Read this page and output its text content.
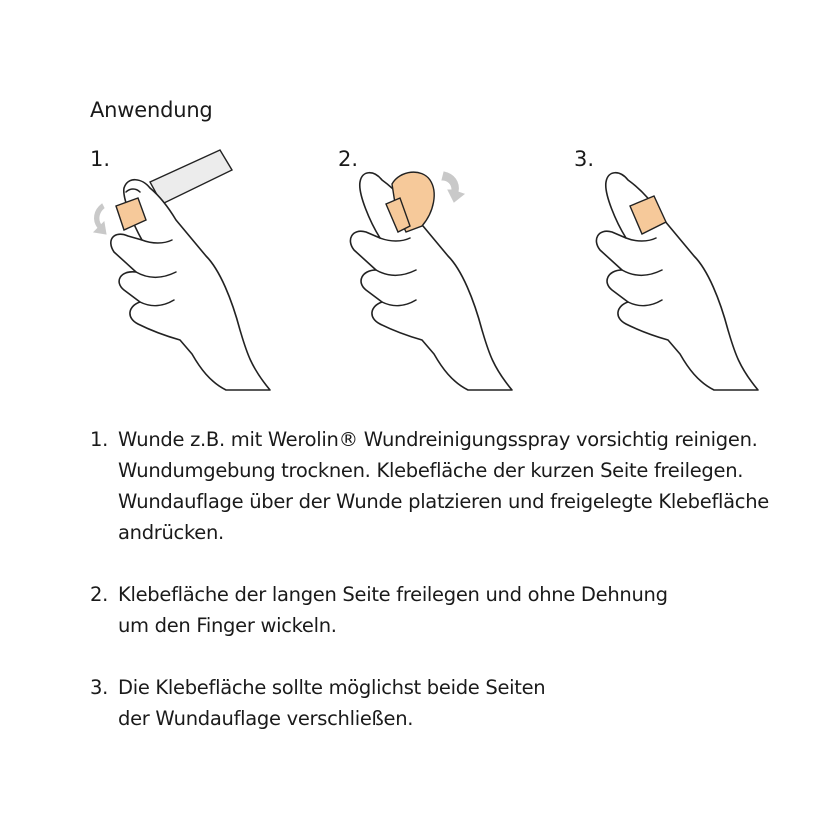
Anwendung
1.	2.	3.
1. Wunde z.B. mit Werolin® Wundreinigungsspray vorsichtig reinigen.
Wundumgebung trocknen. Klebefläche der kurzen Seite freilegen.
Wundauflage über der Wunde platzieren und freigelegte Klebefläche
andrücken.
2. Klebefläche der langen Seite freilegen und ohne Dehnung
um den Finger wickeln.
3. Die Klebefläche sollte möglichst beide Seiten
der Wundauflage verschließen.
